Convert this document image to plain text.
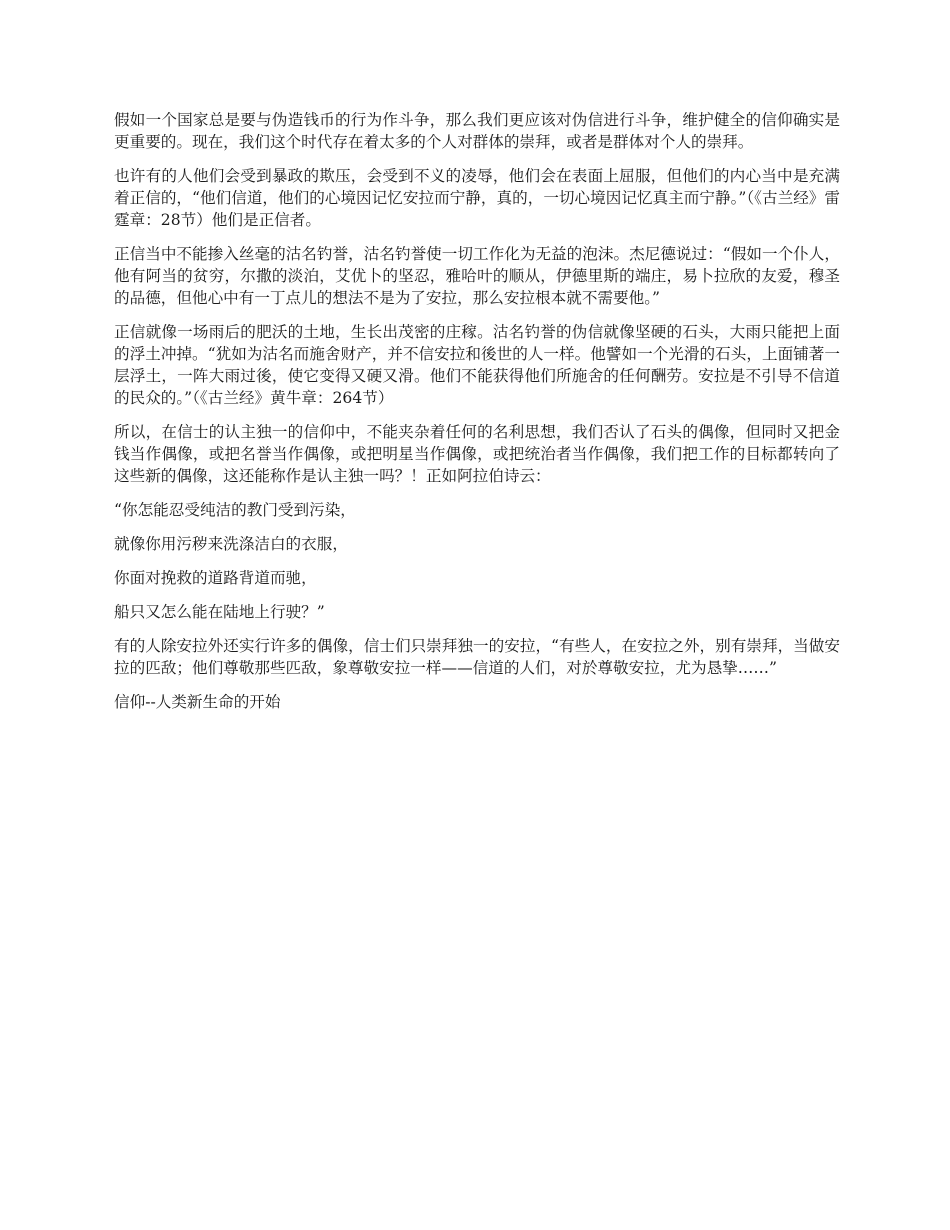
假如一个国家总是要与伪造钱币的行为作斗争，那么我们更应该对伪信进行斗争，维护健全的信仰确实是更重要的。现在，我们这个时代存在着太多的个人对群体的崇拜，或者是群体对个人的崇拜。

也许有的人他们会受到暴政的欺压，会受到不义的凌辱，他们会在表面上屈服，但他们的内心当中是充满着正信的，“他们信道，他们的心境因记忆安拉而宁静，真的，一切心境因记忆真主而宁静。”（《古兰经》雷霆章：28节）他们是正信者。

正信当中不能掺入丝毫的沽名钓誉，沽名钓誉使一切工作化为无益的泡沫。杰尼德说过：“假如一个仆人，他有阿当的贫穷，尔撒的淡泊，艾优卜的坚忍，雅哈叶的顺从，伊德里斯的端庄，易卜拉欣的友爱，穆圣的品德，但他心中有一丁点儿的想法不是为了安拉，那么安拉根本就不需要他。”

正信就像一场雨后的肥沃的土地，生长出茂密的庄稼。沽名钓誉的伪信就像坚硬的石头，大雨只能把上面的浮土冲掉。“犹如为沽名而施舍财产，并不信安拉和後世的人一样。他譬如一个光滑的石头，上面铺著一层浮土，一阵大雨过後，使它变得又硬又滑。他们不能获得他们所施舍的任何酬劳。安拉是不引导不信道的民众的。”（《古兰经》黄牛章：264节）

所以，在信士的认主独一的信仰中，不能夹杂着任何的名利思想，我们否认了石头的偶像，但同时又把金钱当作偶像，或把名誉当作偶像，或把明星当作偶像，或把统治者当作偶像，我们把工作的目标都转向了这些新的偶像，这还能称作是认主独一吗？！正如阿拉伯诗云：

“你怎能忍受纯洁的教门受到污染，

就像你用污秽来洗涤洁白的衣服，

你面对挽救的道路背道而驰，

船只又怎么能在陆地上行驶？”

有的人除安拉外还实行许多的偶像，信士们只崇拜独一的安拉，“有些人，在安拉之外，别有崇拜，当做安拉的匹敌；他们尊敬那些匹敌，象尊敬安拉一样——信道的人们，对於尊敬安拉，尤为恳挚……”

信仰--人类新生命的开始
